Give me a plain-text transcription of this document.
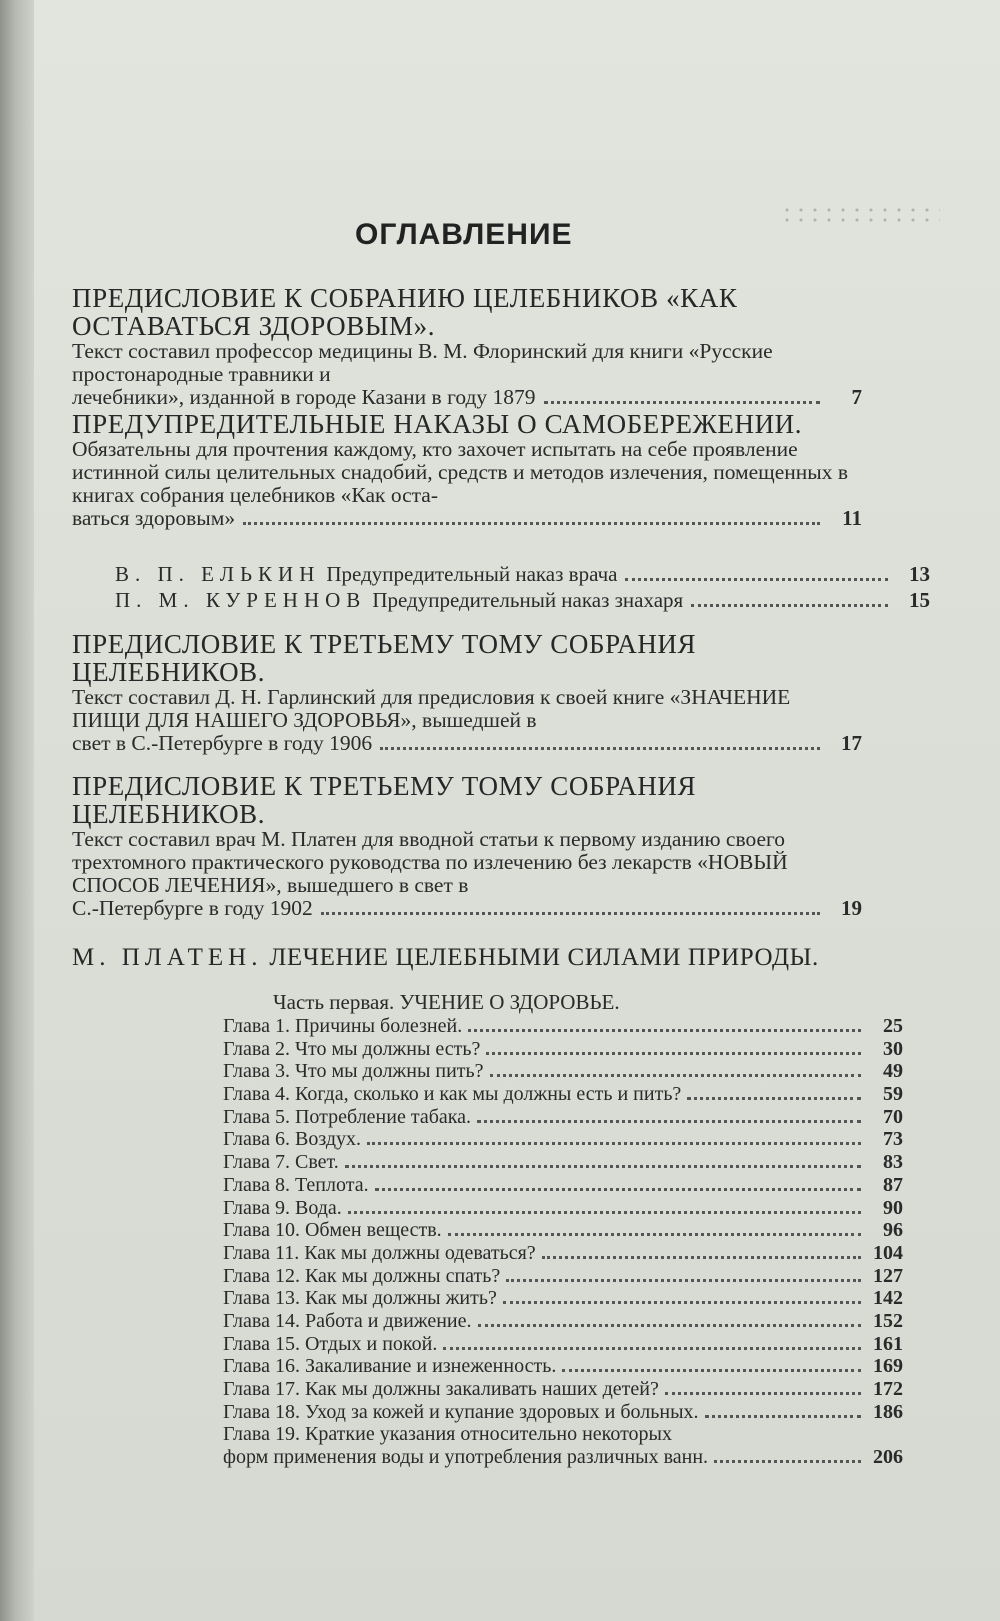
ОГЛАВЛЕНИЕ
ПРЕДИСЛОВИЕ К СОБРАНИЮ ЦЕЛЕБНИКОВ «КАК ОСТАВАТЬСЯ ЗДОРОВЫМ».
Текст составил профессор медицины В. М. Флоринский для книги «Русские простонародные травники и
лечебники», изданной в городе Казани в году 1879	7
ПРЕДУПРЕДИТЕЛЬНЫЕ НАКАЗЫ О САМОБЕРЕЖЕНИИ.
Обязательны для прочтения каждому, кто захочет испытать на себе проявление истинной силы целительных снадобий, средств и методов излечения, помещенных в книгах собрания целебников «Как оста-
ваться здоровым»	11
В. П. ЕЛЬКИН Предупредительный наказ врача	13
П. М. КУРЕННОВ Предупредительный наказ знахаря	15
ПРЕДИСЛОВИЕ К ТРЕТЬЕМУ ТОМУ СОБРАНИЯ ЦЕЛЕБНИКОВ.
Текст составил Д. Н. Гарлинский для предисловия к своей книге «ЗНАЧЕНИЕ ПИЩИ ДЛЯ НАШЕГО ЗДОРОВЬЯ», вышедшей в
свет в С.-Петербурге в году 1906	17
ПРЕДИСЛОВИЕ К ТРЕТЬЕМУ ТОМУ СОБРАНИЯ ЦЕЛЕБНИКОВ.
Текст составил врач М. Платен для вводной статьи к первому изданию своего трехтомного практического руководства по излечению без лекарств «НОВЫЙ СПОСОБ ЛЕЧЕНИЯ», вышедшего в свет в
С.-Петербурге в году 1902	19
М. ПЛАТЕН. ЛЕЧЕНИЕ ЦЕЛЕБНЫМИ СИЛАМИ ПРИРОДЫ.
Часть первая. УЧЕНИЕ О ЗДОРОВЬЕ.
Глава 1. Причины болезней.	25
Глава 2. Что мы должны есть?	30
Глава 3. Что мы должны пить?	49
Глава 4. Когда, сколько и как мы должны есть и пить?	59
Глава 5. Потребление табака.	70
Глава 6. Воздух.	73
Глава 7. Свет.	83
Глава 8. Теплота.	87
Глава 9. Вода.	90
Глава 10. Обмен веществ.	96
Глава 11. Как мы должны одеваться?	104
Глава 12. Как мы должны спать?	127
Глава 13. Как мы должны жить?	142
Глава 14. Работа и движение.	152
Глава 15. Отдых и покой.	161
Глава 16. Закаливание и изнеженность.	169
Глава 17. Как мы должны закаливать наших детей?	172
Глава 18. Уход за кожей и купание здоровых и больных.	186
Глава 19. Краткие указания относительно некоторых
форм применения воды и употребления различных ванн.	206
